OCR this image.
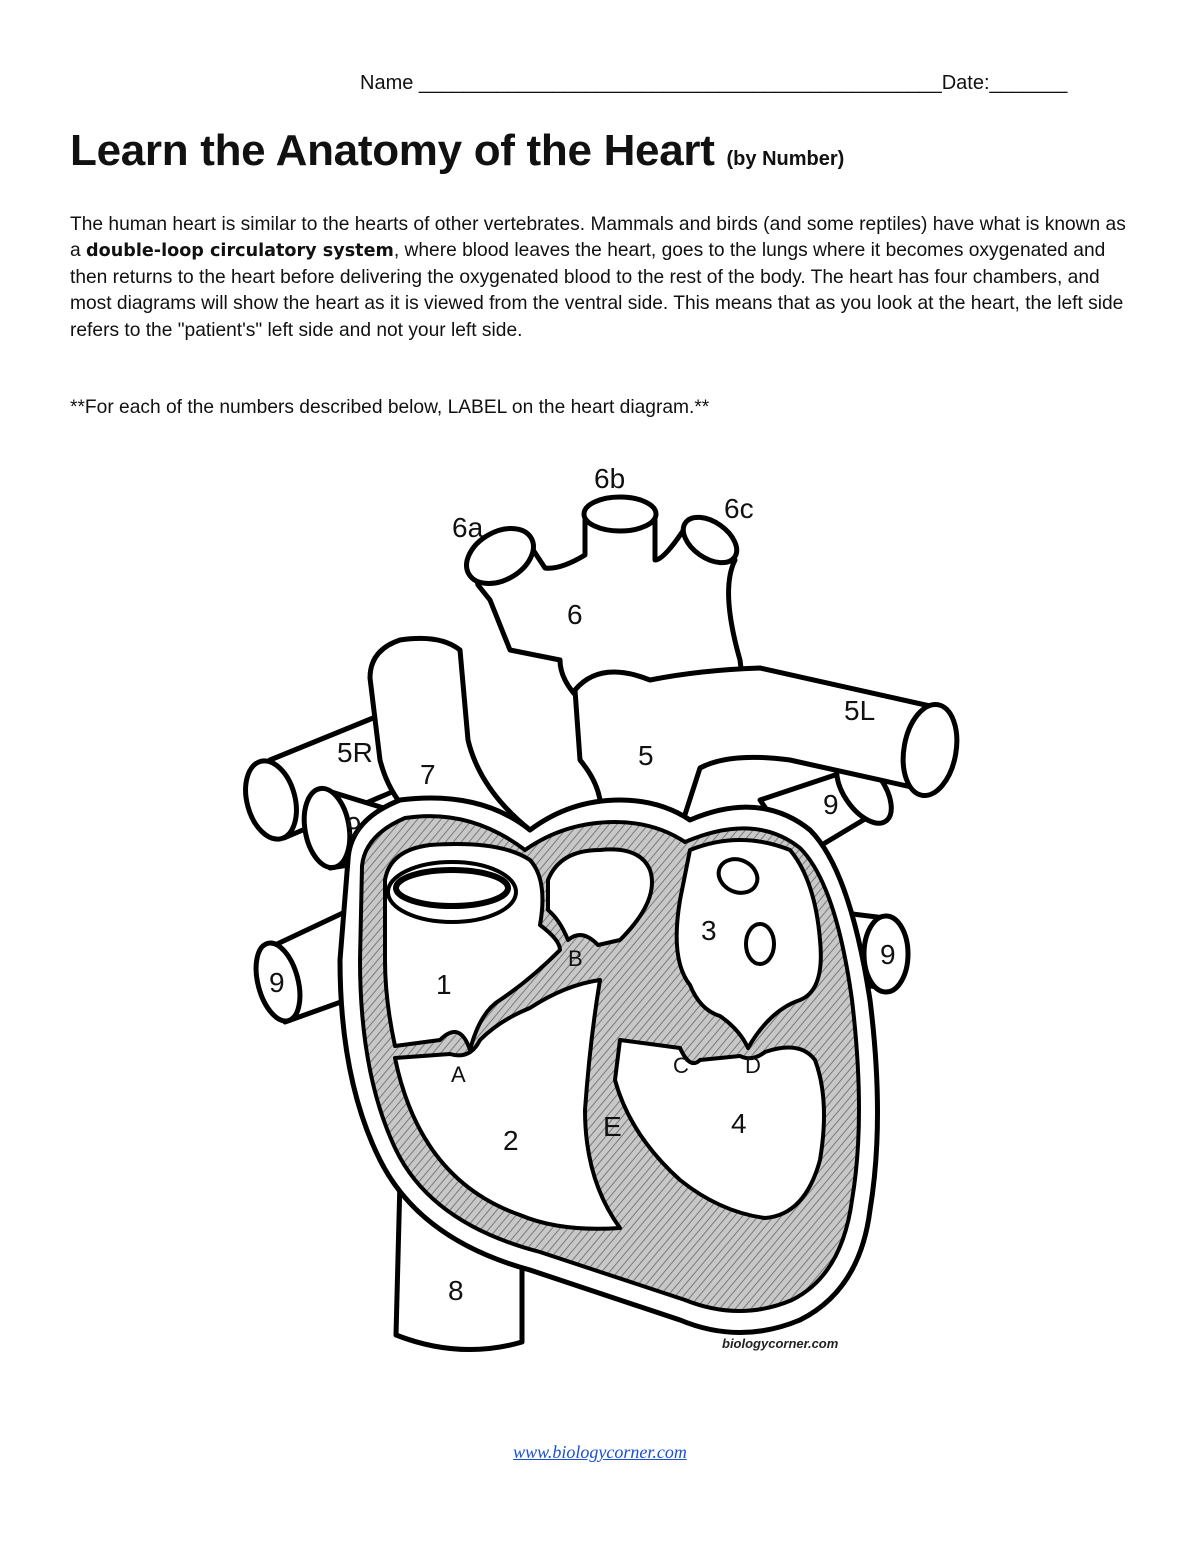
Name _______________________________________________Date:_______
Learn the Anatomy of the Heart (by Number)

The human heart is similar to the hearts of other vertebrates. Mammals and birds (and some reptiles) have what is known as a double-loop circulatory system, where blood leaves the heart, goes to the lungs where it becomes oxygenated and then returns to the heart before delivering the oxygenated blood to the rest of the body. The heart has four chambers, and most diagrams will show the heart as it is viewed from the ventral side. This means that as you look at the heart, the left side refers to the "patient's" left side and not your left side.

**For each of the numbers described below, LABEL on the heart diagram.**

6a
6b
6c
6
5L
5R	5
7
9
9
9
9
1
2
3
4
8
A
B
C	D
E
biologycorner.com
www.biologycorner.com
